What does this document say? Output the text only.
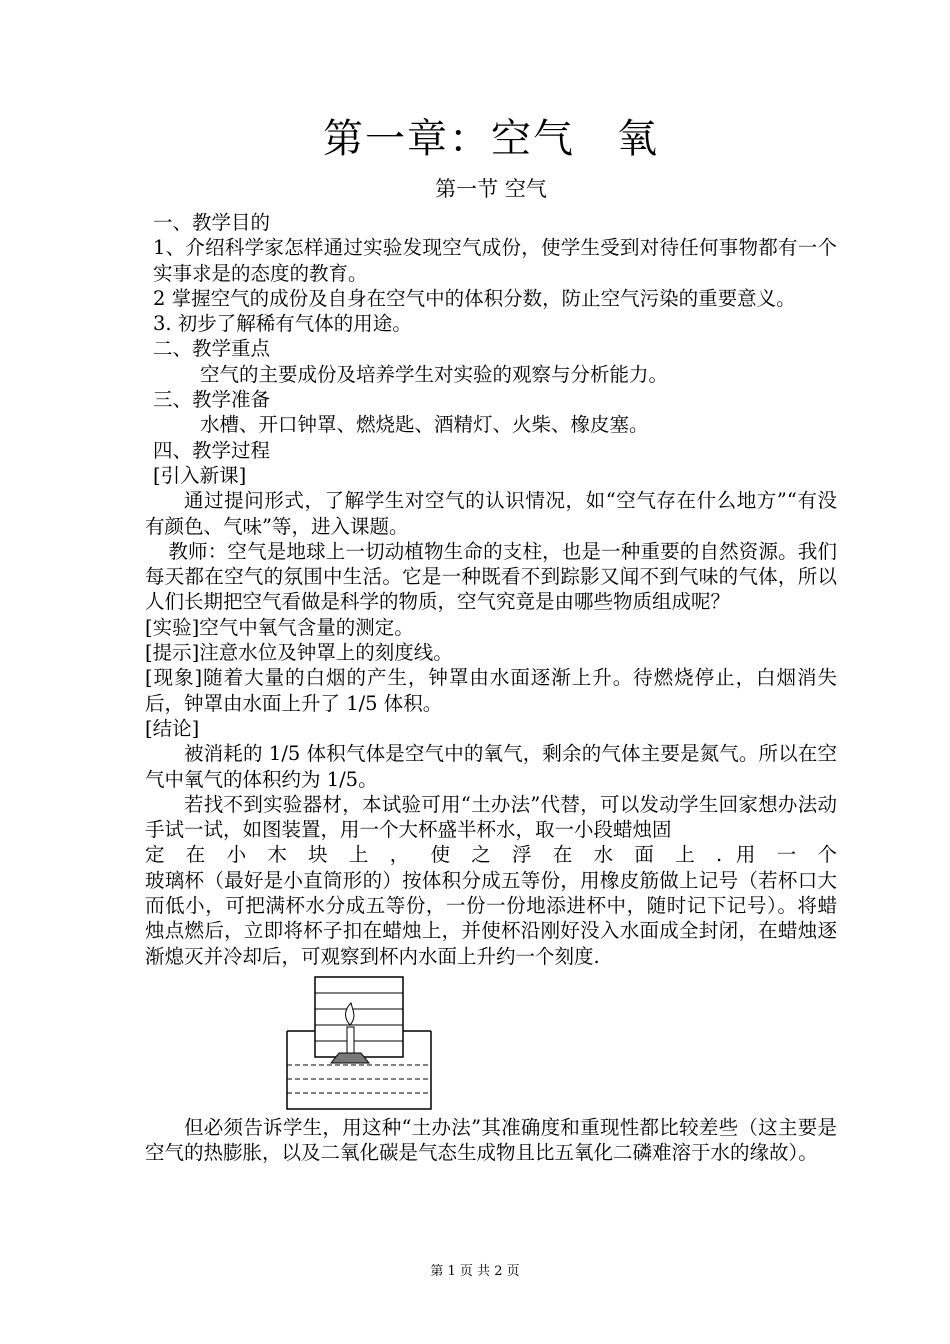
第一章：空气　氧
第一节 空气

一、教学目的

1、介绍科学家怎样通过实验发现空气成份，使学生受到对待任何事物都有一个实事求是的态度的教育。

2 掌握空气的成份及自身在空气中的体积分数，防止空气污染的重要意义。

3. 初步了解稀有气体的用途。

二、教学重点

空气的主要成份及培养学生对实验的观察与分析能力。

三、教学准备

水槽、开口钟罩、燃烧匙、酒精灯、火柴、橡皮塞。

四、教学过程

[引入新课]

通过提问形式，了解学生对空气的认识情况，如“空气存在什么地方”“有没有颜色、气味”等，进入课题。

教师：空气是地球上一切动植物生命的支柱，也是一种重要的自然资源。我们每天都在空气的氛围中生活。它是一种既看不到踪影又闻不到气味的气体，所以人们长期把空气看做是科学的物质，空气究竟是由哪些物质组成呢？

[实验]空气中氧气含量的测定。

[提示]注意水位及钟罩上的刻度线。

[现象]随着大量的白烟的产生，钟罩由水面逐渐上升。待燃烧停止，白烟消失后，钟罩由水面上升了 1/5 体积。

[结论]

被消耗的 1/5 体积气体是空气中的氧气，剩余的气体主要是氮气。所以在空气中氧气的体积约为 1/5。

若找不到实验器材，本试验可用“土办法”代替，可以发动学生回家想办法动手试一试，如图装置，用一个大杯盛半杯水，取一小段蜡烛固

定 在 小 木 块 上 ， 使 之 浮 在 水 面 上 . 用 一 个

玻璃杯（最好是小直筒形的）按体积分成五等份，用橡皮筋做上记号（若杯口大而低小，可把满杯水分成五等份，一份一份地添进杯中，随时记下记号）。将蜡烛点燃后，立即将杯子扣在蜡烛上，并使杯沿刚好没入水面成全封闭，在蜡烛逐渐熄灭并冷却后，可观察到杯内水面上升约一个刻度.

但必须告诉学生，用这种“土办法”其准确度和重现性都比较差些（这主要是空气的热膨胀，以及二氧化碳是气态生成物且比五氧化二磷难溶于水的缘故）。

第 1 页 共 2 页
